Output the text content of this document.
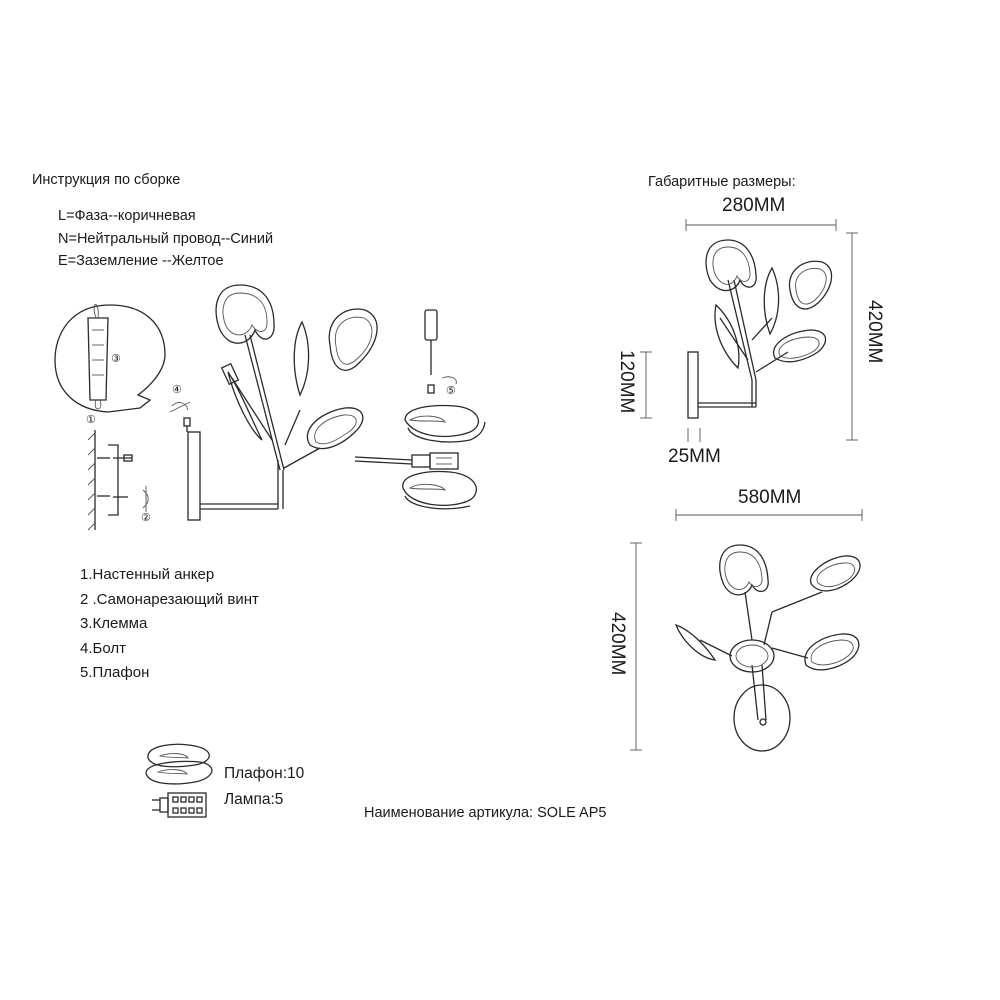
Инструкция по сборке
L=Фаза--коричневая
N=Нейтральный провод--Синий
E=Заземление --Желтое
①
②
③
④	⑤
1.Настенный анкер
2 .Самонарезающий винт
3.Клемма
4.Болт
5.Плафон
Габаритные размеры:
280MM
420MM
120MM
25MM
580MM
420MM
Плафон:10
Лампа:5
Наименование артикула: SOLE AP5
